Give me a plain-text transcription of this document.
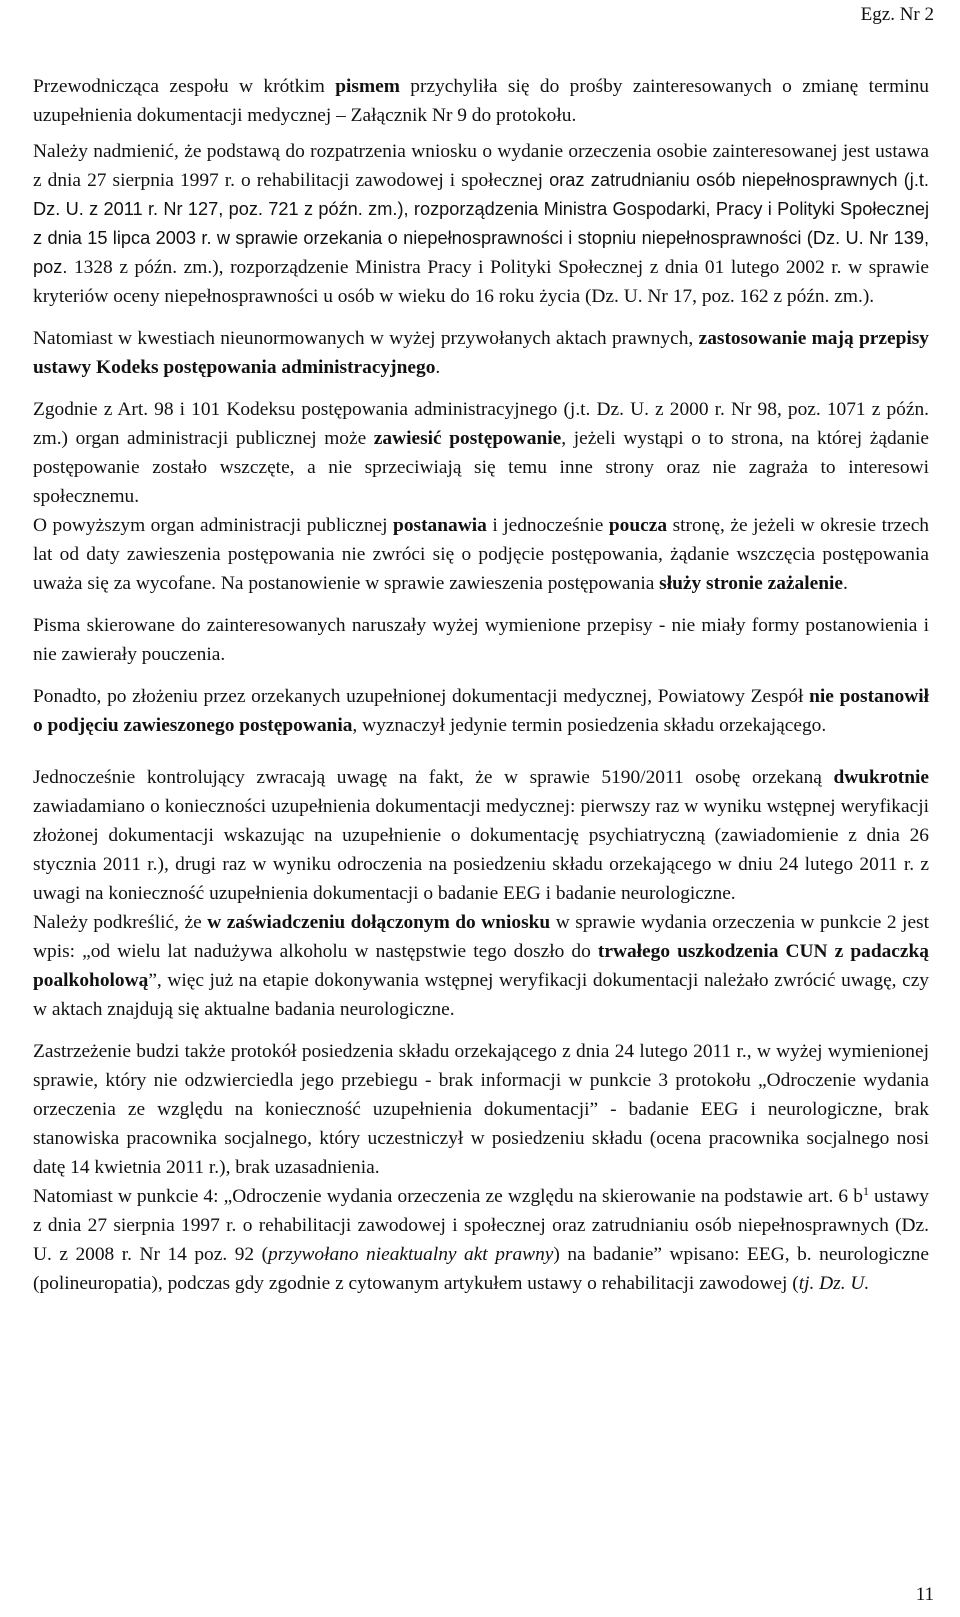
Egz. Nr 2

Przewodnicząca zespołu w krótkim pismem przychyliła się do prośby zainteresowanych o zmianę terminu uzupełnienia dokumentacji medycznej – Załącznik Nr 9 do protokołu.

Należy nadmienić, że podstawą do rozpatrzenia wniosku o wydanie orzeczenia osobie zainteresowanej jest ustawa z dnia 27 sierpnia 1997 r. o rehabilitacji zawodowej i społecznej oraz zatrudnianiu osób niepełnosprawnych (j.t. Dz. U. z 2011 r. Nr 127, poz. 721 z późn. zm.), rozporządzenia Ministra Gospodarki, Pracy i Polityki Społecznej z dnia 15 lipca 2003 r. w sprawie orzekania o niepełnosprawności i stopniu niepełnosprawności (Dz. U. Nr 139, poz. 1328 z późn. zm.), rozporządzenie Ministra Pracy i Polityki Społecznej z dnia 01 lutego 2002 r. w sprawie kryteriów oceny niepełnosprawności u osób w wieku do 16 roku życia (Dz. U. Nr 17, poz. 162 z późn. zm.).

Natomiast w kwestiach nieunormowanych w wyżej przywołanych aktach prawnych, zastosowanie mają przepisy ustawy Kodeks postępowania administracyjnego.

Zgodnie z Art. 98 i 101 Kodeksu postępowania administracyjnego (j.t. Dz. U. z 2000 r. Nr 98, poz. 1071 z późn. zm.) organ administracji publicznej może zawiesić postępowanie, jeżeli wystąpi o to strona, na której żądanie postępowanie zostało wszczęte, a nie sprzeciwiają się temu inne strony oraz nie zagraża to interesowi społecznemu.

O powyższym organ administracji publicznej postanawia i jednocześnie poucza stronę, że jeżeli w okresie trzech lat od daty zawieszenia postępowania nie zwróci się o podjęcie postępowania, żądanie wszczęcia postępowania uważa się za wycofane. Na postanowienie w sprawie zawieszenia postępowania służy stronie zażalenie.

Pisma skierowane do zainteresowanych naruszały wyżej wymienione przepisy - nie miały formy postanowienia i nie zawierały pouczenia.

Ponadto, po złożeniu przez orzekanych uzupełnionej dokumentacji medycznej, Powiatowy Zespół nie postanowił o podjęciu zawieszonego postępowania, wyznaczył jedynie termin posiedzenia składu orzekającego.

Jednocześnie kontrolujący zwracają uwagę na fakt, że w sprawie 5190/2011 osobę orzekaną dwukrotnie zawiadamiano o konieczności uzupełnienia dokumentacji medycznej: pierwszy raz w wyniku wstępnej weryfikacji złożonej dokumentacji wskazując na uzupełnienie o dokumentację psychiatryczną (zawiadomienie z dnia 26 stycznia 2011 r.), drugi raz w wyniku odroczenia na posiedzeniu składu orzekającego w dniu 24 lutego 2011 r. z uwagi na konieczność uzupełnienia dokumentacji o badanie EEG i badanie neurologiczne.

Należy podkreślić, że w zaświadczeniu dołączonym do wniosku w sprawie wydania orzeczenia w punkcie 2 jest wpis: „od wielu lat nadużywa alkoholu w następstwie tego doszło do trwałego uszkodzenia CUN z padaczką poalkoholową”, więc już na etapie dokonywania wstępnej weryfikacji dokumentacji należało zwrócić uwagę, czy w aktach znajdują się aktualne badania neurologiczne.

Zastrzeżenie budzi także protokół posiedzenia składu orzekającego z dnia 24 lutego 2011 r., w wyżej wymienionej sprawie, który nie odzwierciedla jego przebiegu - brak informacji w punkcie 3 protokołu „Odroczenie wydania orzeczenia ze względu na konieczność uzupełnienia dokumentacji” - badanie EEG i neurologiczne, brak stanowiska pracownika socjalnego, który uczestniczył w posiedzeniu składu (ocena pracownika socjalnego nosi datę 14 kwietnia 2011 r.), brak uzasadnienia.

Natomiast w punkcie 4: „Odroczenie wydania orzeczenia ze względu na skierowanie na podstawie art. 6 $b^1$ ustawy z dnia 27 sierpnia 1997 r. o rehabilitacji zawodowej i społecznej oraz zatrudnianiu osób niepełnosprawnych (Dz. U. z 2008 r. Nr 14 poz. 92 (przywołano nieaktualny akt prawny) na badanie” wpisano: EEG, b. neurologiczne (polineuropatia), podczas gdy zgodnie z cytowanym artykułem ustawy o rehabilitacji zawodowej (tj. Dz. U.

11
